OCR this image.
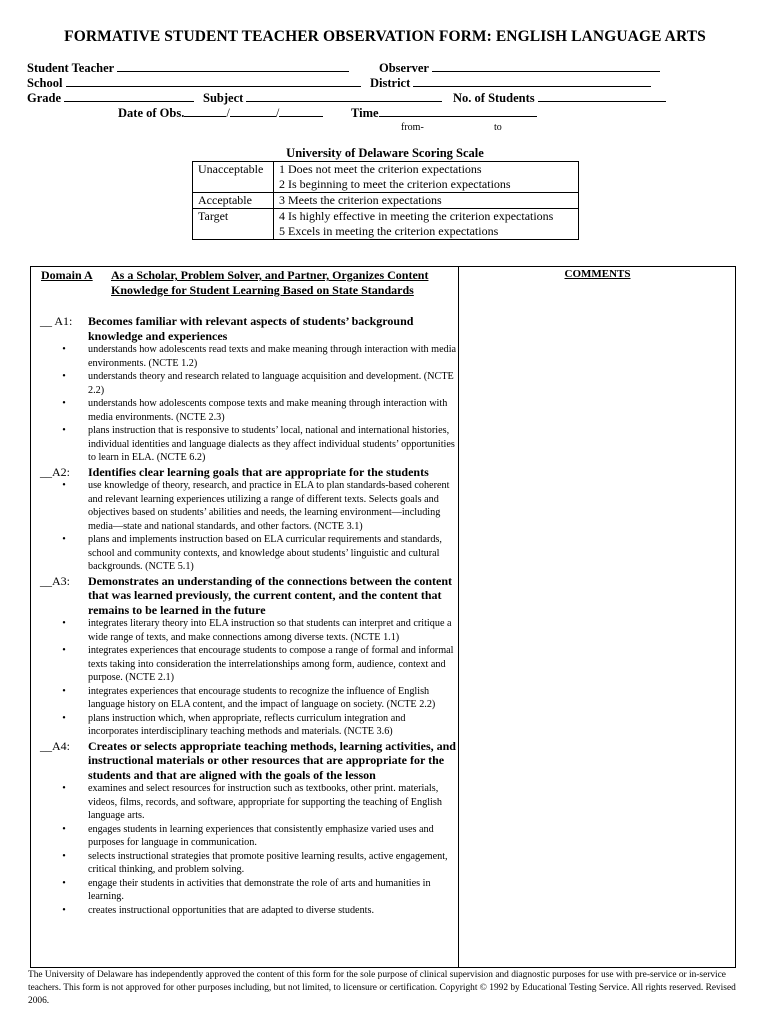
FORMATIVE STUDENT TEACHER OBSERVATION FORM: ENGLISH LANGUAGE ARTS
Student Teacher	Observer
School	District
Grade	Subject	No. of Students
Date of Obs.	/	/	Time
from-	to
University of Delaware Scoring Scale
Unacceptable	1 Does not meet the criterion expectations
2 Is beginning to meet the criterion expectations

Acceptable	3 Meets the criterion expectations

Target	4 Is highly effective in meeting the criterion expectations
5 Excels in meeting the criterion expectations
COMMENTS
Domain A As a Scholar, Problem Solver, and Partner, Organizes Content Knowledge for Student Learning Based on State Standards
__ A1:	Becomes familiar with relevant aspects of students’ background knowledge and experiences
•	understands how adolescents read texts and make meaning through interaction with media environments. (NCTE 1.2)
•	understands theory and research related to language acquisition and development. (NCTE 2.2)
•	understands how adolescents compose texts and make meaning through interaction with media environments. (NCTE 2.3)
•	plans instruction that is responsive to students’ local, national and international histories, individual identities and language dialects as they affect individual students’ opportunities to learn in ELA. (NCTE 6.2)
__A2:	Identifies clear learning goals that are appropriate for the students
•	use knowledge of theory, research, and practice in ELA to plan standards-based coherent and relevant learning experiences utilizing a range of different texts. Selects goals and objectives based on students’ abilities and needs, the learning environment—including media—state and national standards, and other factors. (NCTE 3.1)
•	plans and implements instruction based on ELA curricular requirements and standards, school and community contexts, and knowledge about students’ linguistic and cultural backgrounds. (NCTE 5.1)
__A3:	Demonstrates an understanding of the connections between the content that was learned previously, the current content, and the content that remains to be learned in the future
•	integrates literary theory into ELA instruction so that students can interpret and critique a wide range of texts, and make connections among diverse texts. (NCTE 1.1)
•	integrates experiences that encourage students to compose a range of formal and informal texts taking into consideration the interrelationships among form, audience, context and purpose. (NCTE 2.1)
•	integrates experiences that encourage students to recognize the influence of English language history on ELA content, and the impact of language on society. (NCTE 2.2)
•	plans instruction which, when appropriate, reflects curriculum integration and incorporates interdisciplinary teaching methods and materials. (NCTE 3.6)
__A4:	Creates or selects appropriate teaching methods, learning activities, and instructional materials or other resources that are appropriate for the students and that are aligned with the goals of the lesson
•	examines and select resources for instruction such as textbooks, other print. materials, videos, films, records, and software, appropriate for supporting the teaching of English language arts.
•	engages students in learning experiences that consistently emphasize varied uses and purposes for language in communication.
•	selects instructional strategies that promote positive learning results, active engagement, critical thinking, and problem solving.
•	engage their students in activities that demonstrate the role of arts and humanities in learning.
•	creates instructional opportunities that are adapted to diverse students.
The University of Delaware has independently approved the content of this form for the sole purpose of clinical supervision and diagnostic purposes for use with pre-service or in-service teachers. This form is not approved for other purposes including, but not limited, to licensure or certification. Copyright © 1992 by Educational Testing Service. All rights reserved. Revised 2006.
